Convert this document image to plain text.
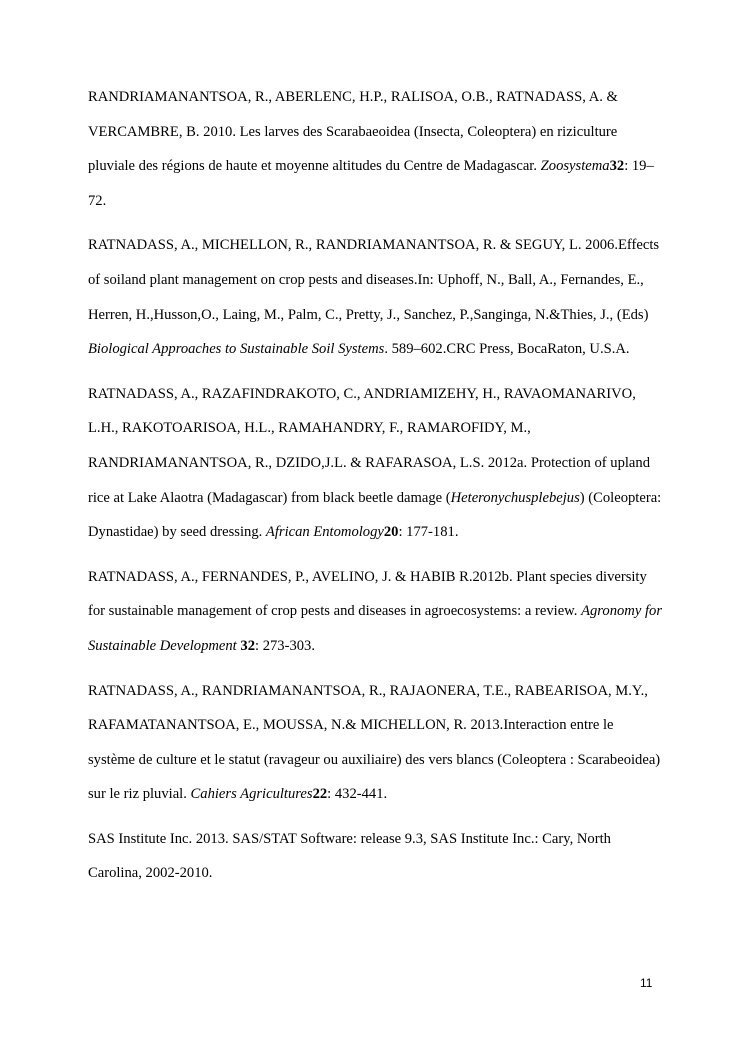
RANDRIAMANANTSOA, R., ABERLENC, H.P., RALISOA, O.B., RATNADASS, A. & VERCAMBRE, B. 2010. Les larves des Scarabaeoidea (Insecta, Coleoptera) en riziculture pluviale des régions de haute et moyenne altitudes du Centre de Madagascar. Zoosystema32: 19–72.

RATNADASS, A., MICHELLON, R., RANDRIAMANANTSOA, R. & SEGUY, L. 2006.Effects of soiland plant management on crop pests and diseases.In: Uphoff, N., Ball, A., Fernandes, E., Herren, H.,Husson,O., Laing, M., Palm, C., Pretty, J., Sanchez, P.,Sanginga, N.&Thies, J., (Eds) Biological Approaches to Sustainable Soil Systems. 589–602.CRC Press, BocaRaton, U.S.A.

RATNADASS, A., RAZAFINDRAKOTO, C., ANDRIAMIZEHY, H., RAVAOMANARIVO, L.H., RAKOTOARISOA, H.L., RAMAHANDRY, F., RAMAROFIDY, M., RANDRIAMANANTSOA, R., DZIDO,J.L. & RAFARASOA, L.S. 2012a. Protection of upland rice at Lake Alaotra (Madagascar) from black beetle damage (Heteronychusplebejus) (Coleoptera: Dynastidae) by seed dressing. African Entomology20: 177-181.

RATNADASS, A., FERNANDES, P., AVELINO, J. & HABIB R.2012b. Plant species diversity for sustainable management of crop pests and diseases in agroecosystems: a review. Agronomy for Sustainable Development 32: 273-303.

RATNADASS, A., RANDRIAMANANTSOA, R., RAJAONERA, T.E., RABEARISOA, M.Y., RAFAMATANANTSOA, E., MOUSSA, N.& MICHELLON, R. 2013.Interaction entre le système de culture et le statut (ravageur ou auxiliaire) des vers blancs (Coleoptera : Scarabeoidea) sur le riz pluvial. Cahiers Agricultures22: 432-441.

SAS Institute Inc. 2013. SAS/STAT Software: release 9.3, SAS Institute Inc.: Cary, North Carolina, 2002-2010.

11
